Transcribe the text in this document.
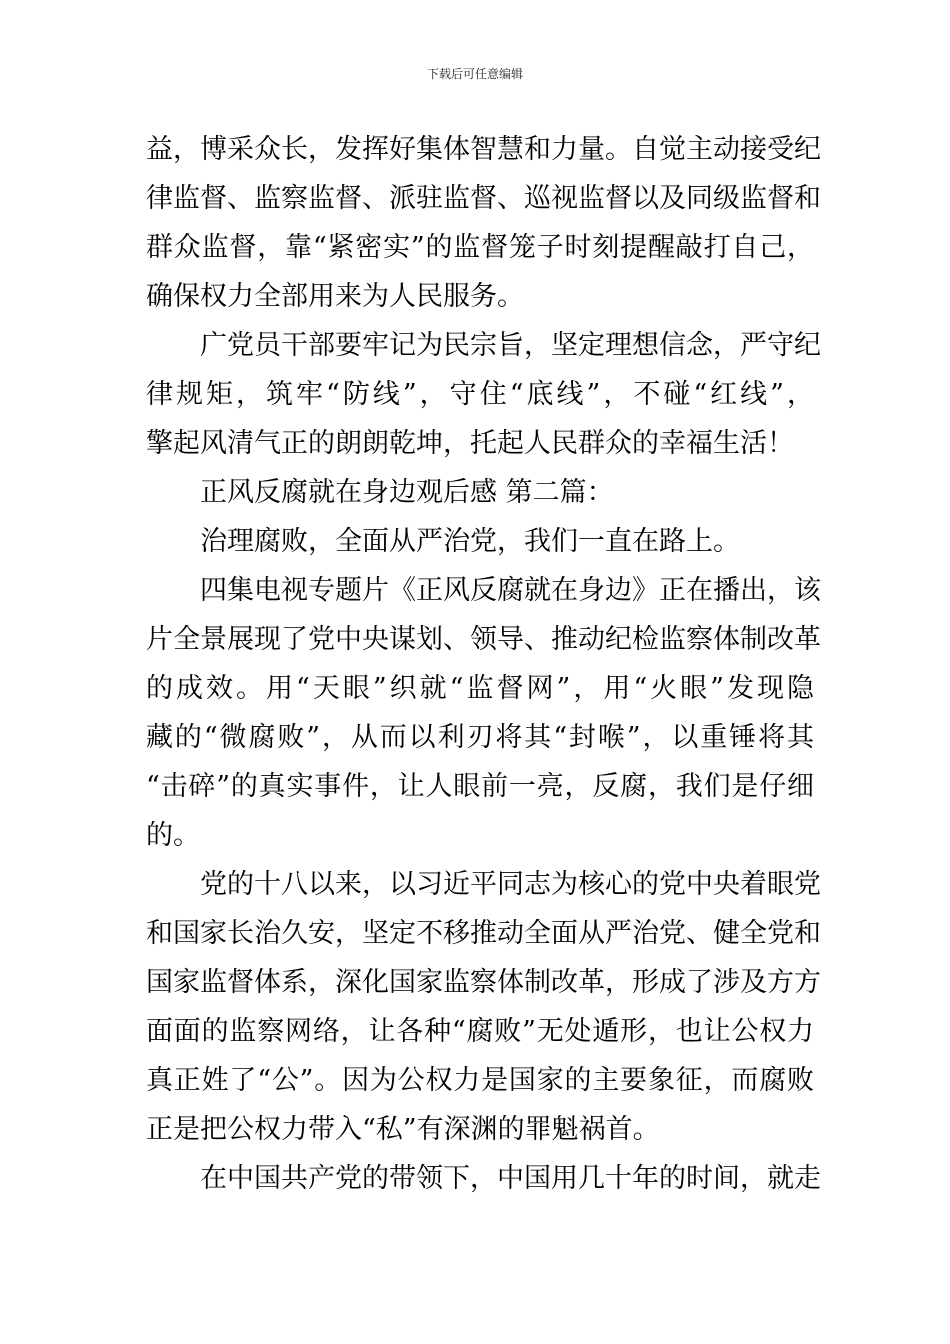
下载后可任意编辑
益，博采众长，发挥好集体智慧和力量。自觉主动接受纪
律监督、监察监督、派驻监督、巡视监督以及同级监督和
群众监督，靠“紧密实”的监督笼子时刻提醒敲打自己，
确保权力全部用来为人民服务。
广党员干部要牢记为民宗旨，坚定理想信念，严守纪
律规矩，筑牢“防线”，守住“底线”，不碰“红线”，
擎起风清气正的朗朗乾坤，托起人民群众的幸福生活！
正风反腐就在身边观后感 第二篇：
治理腐败，全面从严治党，我们一直在路上。
四集电视专题片《正风反腐就在身边》正在播出，该
片全景展现了党中央谋划、领导、推动纪检监察体制改革
的成效。用“天眼”织就“监督网”，用“火眼”发现隐
藏的“微腐败”，从而以利刃将其“封喉”，以重锤将其
“击碎”的真实事件，让人眼前一亮，反腐，我们是仔细
的。
党的十八以来，以习近平同志为核心的党中央着眼党
和国家长治久安，坚定不移推动全面从严治党、健全党和
国家监督体系，深化国家监察体制改革，形成了涉及方方
面面的监察网络，让各种“腐败”无处遁形，也让公权力
真正姓了“公”。因为公权力是国家的主要象征，而腐败
正是把公权力带入“私”有深渊的罪魁祸首。
在中国共产党的带领下，中国用几十年的时间，就走
